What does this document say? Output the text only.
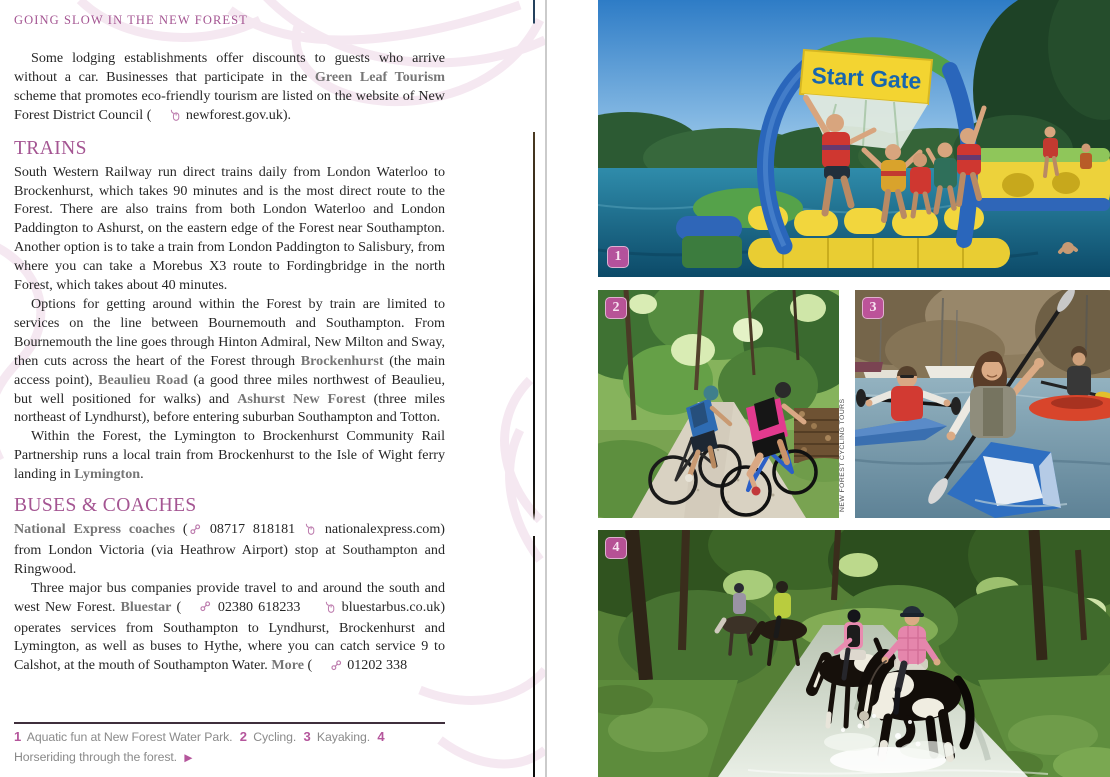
GOING SLOW IN THE NEW FOREST

Some lodging establishments offer discounts to guests who arrive without a car. Businesses that participate in the Green Leaf Tourism scheme that promotes eco-friendly tourism are listed on the website of New Forest District Council ( newforest.gov.uk).

TRAINS

South Western Railway run direct trains daily from London Waterloo to Brockenhurst, which takes 90 minutes and is the most direct route to the Forest. There are also trains from both London Waterloo and London Paddington to Ashurst, on the eastern edge of the Forest near Southampton. Another option is to take a train from London Paddington to Salisbury, from where you can take a Morebus X3 route to Fordingbridge in the north Forest, which takes about 40 minutes.

Options for getting around within the Forest by train are limited to services on the line between Bournemouth and Southampton. From Bournemouth the line goes through Hinton Admiral, New Milton and Sway, then cuts across the heart of the Forest through Brockenhurst (the main access point), Beaulieu Road (a good three miles northwest of Beaulieu, but well positioned for walks) and Ashurst New Forest (three miles northeast of Lyndhurst), before entering suburban Southampton and Totton.

Within the Forest, the Lymington to Brockenhurst Community Rail Partnership runs a local train from Brockenhurst to the Isle of Wight ferry landing in Lymington.

BUSES & COACHES

National Express coaches ( 08717 818181  nationalexpress.com) from London Victoria (via Heathrow Airport) stop at Southampton and Ringwood.

Three major bus companies provide travel to and around the south and west New Forest. Bluestar ( 02380 618233  bluestarbus.co.uk) operates services from Southampton to Lyndhurst, Brockenhurst and Lymington, as well as buses to Hythe, where you can catch service 9 to Calshot, at the mouth of Southampton Water. More ( 01202 338

1 Aquatic fun at New Forest Water Park. 2 Cycling. 3 Kayaking. 4 Horseriding through the forest. ▶
Start Gate
1
2
NEW FOREST CYCLING TOURS
3
4
